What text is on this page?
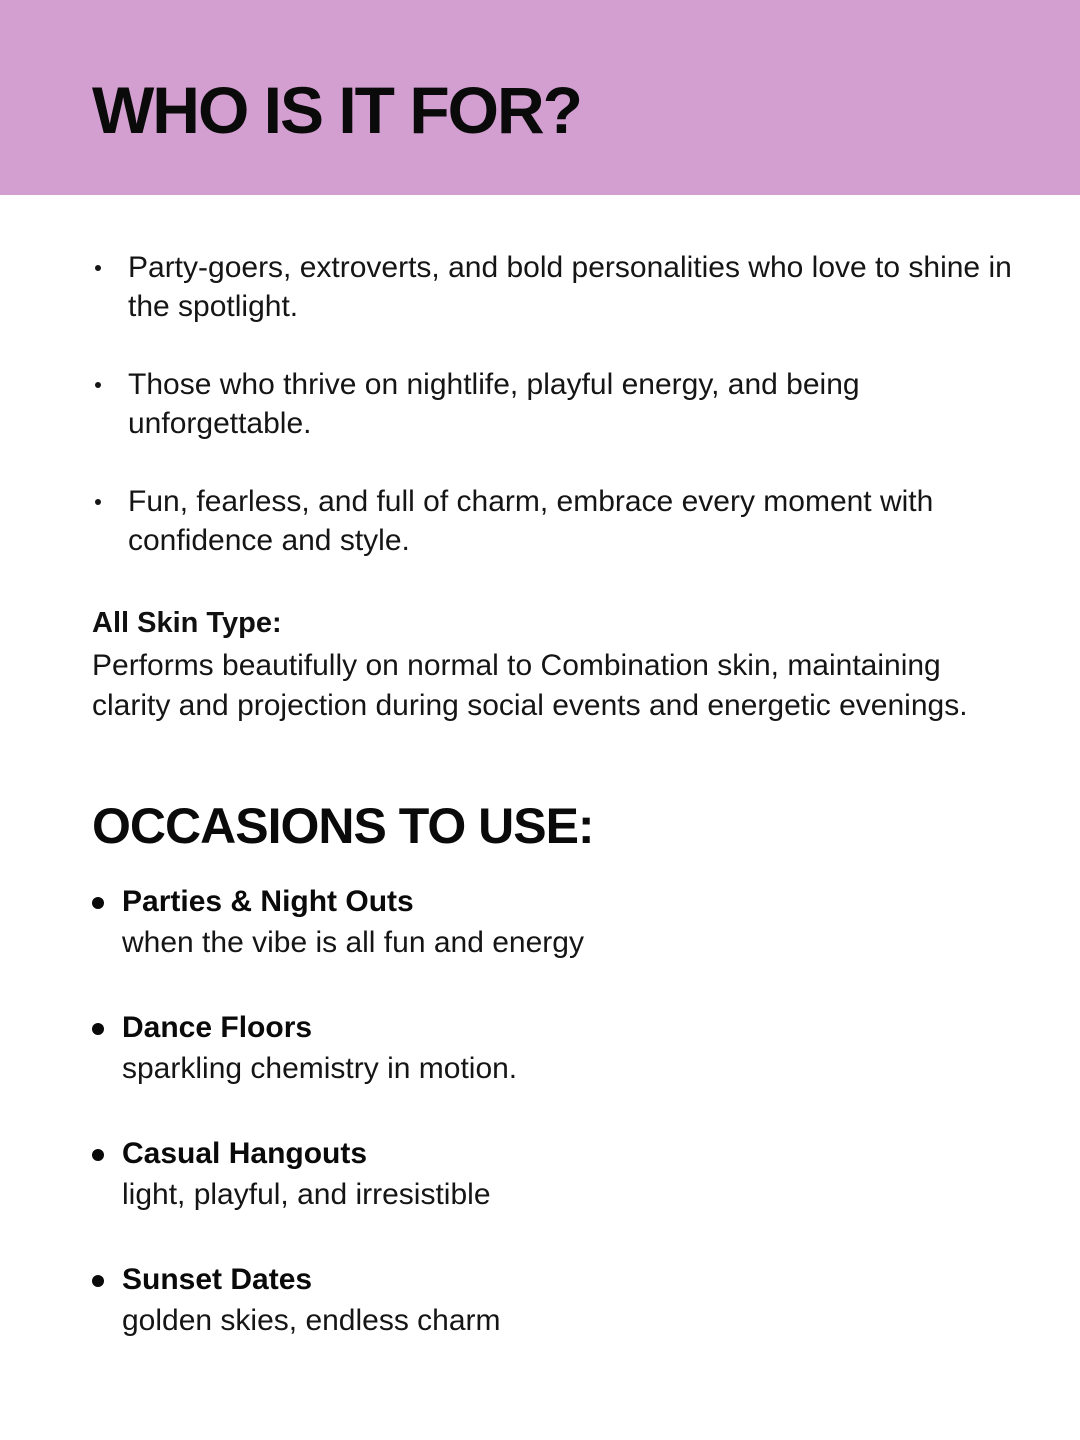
WHO IS IT FOR?
Party-goers, extroverts, and bold personalities who love to shine in the spotlight.
Those who thrive on nightlife, playful energy, and being unforgettable.
Fun, fearless, and full of charm, embrace every moment with confidence and style.

All Skin Type:

Performs beautifully on normal to Combination skin, maintaining clarity and projection during social events and energetic evenings.

OCCASIONS TO USE:
Parties & Night Outs
when the vibe is all fun and energy
Dance Floors
sparkling chemistry in motion.
Casual Hangouts
light, playful, and irresistible
Sunset Dates
golden skies, endless charm
